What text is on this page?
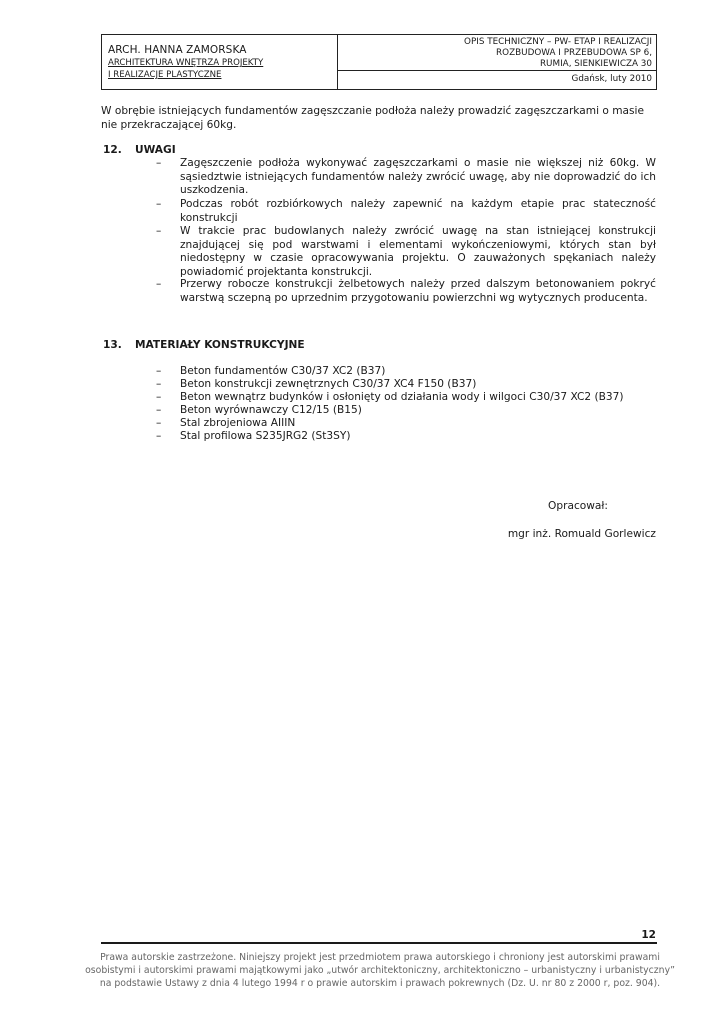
ARCH. HANNA ZAMORSKA
ARCHITEKTURA WNĘTRZA PROJEKTY
I REALIZACJE PLASTYCZNE
OPIS TECHNICZNY – PW- ETAP I REALIZACJI
ROZBUDOWA I PRZEBUDOWA SP 6,
RUMIA, SIENKIEWICZA 30
Gdańsk, luty 2010
W obrębie istniejących fundamentów zagęszczanie podłoża należy prowadzić zagęszczarkami o masie
nie przekraczającej 60kg.
12. UWAGI
– Zagęszczenie podłoża wykonywać zagęszczarkami o masie nie większej niż 60kg. W sąsiedztwie istniejących fundamentów należy zwrócić uwagę, aby nie doprowadzić do ich uszkodzenia.
– Podczas robót rozbiórkowych należy zapewnić na każdym etapie prac stateczność konstrukcji
– W trakcie prac budowlanych należy zwrócić uwagę na stan istniejącej konstrukcji znajdującej się pod warstwami i elementami wykończeniowymi, których stan był niedostępny w czasie opracowywania projektu. O zauważonych spękaniach należy powiadomić projektanta konstrukcji.
– Przerwy robocze konstrukcji żelbetowych należy przed dalszym betonowaniem pokryć warstwą sczepną po uprzednim przygotowaniu powierzchni wg wytycznych producenta.
13. MATERIAŁY KONSTRUKCYJNE
– Beton fundamentów C30/37 XC2 (B37)
– Beton konstrukcji zewnętrznych C30/37 XC4 F150 (B37)
– Beton wewnątrz budynków i osłonięty od działania wody i wilgoci C30/37 XC2 (B37)
– Beton wyrównawczy C12/15 (B15)
– Stal zbrojeniowa AIIIN
– Stal profilowa S235JRG2 (St3SY)
Opracował:
mgr inż. Romuald Gorlewicz
12
Prawa autorskie zastrzeżone. Niniejszy projekt jest przedmiotem prawa autorskiego i chroniony jest autorskimi prawami
osobistymi i autorskimi prawami majątkowymi jako „utwór architektoniczny, architektoniczno – urbanistyczny i urbanistyczny”
na podstawie Ustawy z dnia 4 lutego 1994 r o prawie autorskim i prawach pokrewnych (Dz. U. nr 80 z 2000 r, poz. 904).
